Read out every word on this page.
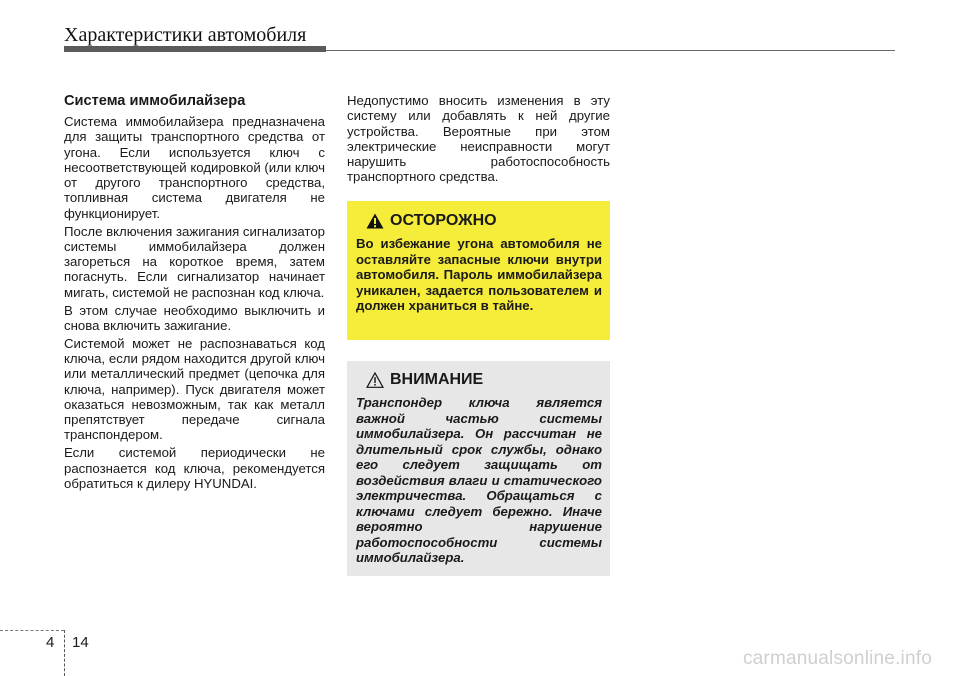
Характеристики автомобиля
Система иммобилайзера

Система иммобилайзера предназначена для защиты транспортного средства от угона. Если используется ключ с несоответствующей кодировкой (или ключ от другого транспортного средства, топливная система двигателя не функционирует.

После включения зажигания сигнализатор системы иммобилайзера должен загореться на короткое время, затем погаснуть. Если сигнализатор начинает мигать, системой не распознан код ключа.

В этом случае необходимо выключить и снова включить зажигание.

Системой может не распознаваться код ключа, если рядом находится другой ключ или металлический предмет (цепочка для ключа, например). Пуск двигателя может оказаться невозможным, так как металл препятствует передаче сигнала транспондером.

Если системой периодически не распознается код ключа, рекомендуется обратиться к дилеру HYUNDAI.

Недопустимо вносить изменения в эту систему или добавлять к ней другие устройства. Вероятные при этом электрические неисправности могут нарушить работоспособность транспортного средства.

ОСТОРОЖНО

Во избежание угона автомобиля не оставляйте запасные ключи внутри автомобиля. Пароль иммобилайзера уникален, задается пользователем и должен храниться в тайне.

ВНИМАНИЕ

Транспондер ключа является важной частью системы иммобилайзера. Он рассчитан не длительный срок службы, однако его следует защищать от воздействия влаги и статического электричества. Обращаться с ключами следует бережно. Иначе вероятно нарушение работоспособности системы иммобилайзера.

4 14
carmanualsonline.info
